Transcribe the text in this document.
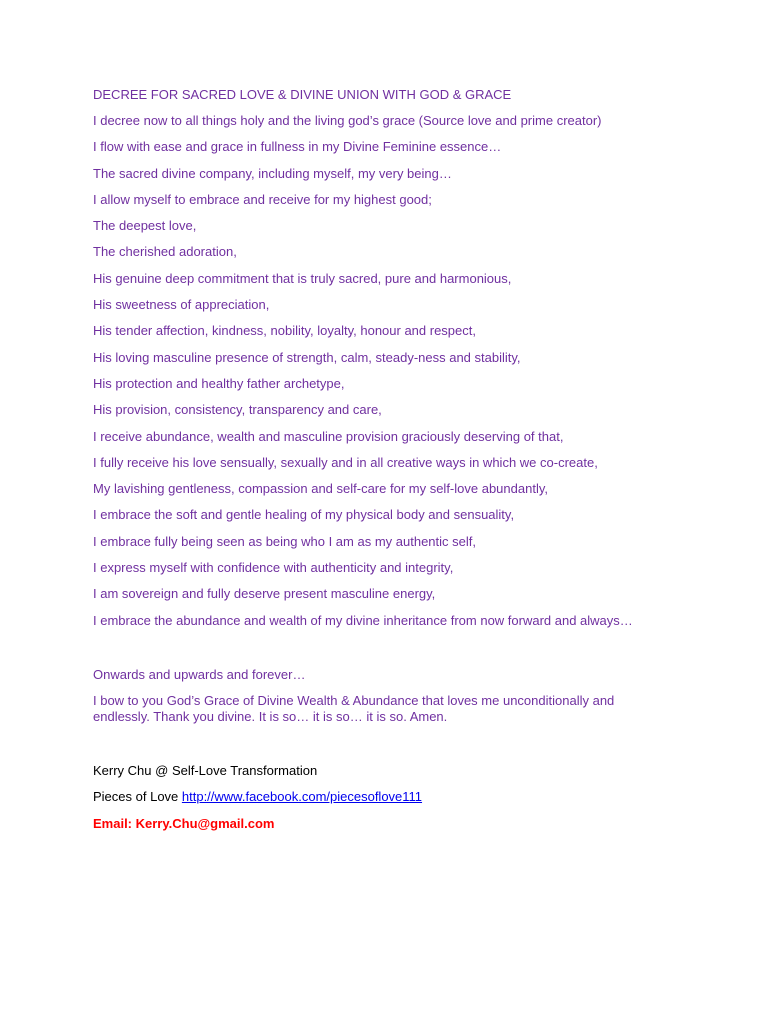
DECREE FOR SACRED LOVE & DIVINE UNION WITH GOD & GRACE
I decree now to all things holy and the living god’s grace (Source love and prime creator)
I flow with ease and grace in fullness in my Divine Feminine essence…
The sacred divine company, including myself, my very being…
I allow myself to embrace and receive for my highest good;
The deepest love,
The cherished adoration,
His genuine deep commitment that is truly sacred, pure and harmonious,
His sweetness of appreciation,
His tender affection, kindness, nobility, loyalty, honour and respect,
His loving masculine presence of strength, calm, steady-ness and stability,
His protection and healthy father archetype,
His provision, consistency, transparency and care,
I receive abundance, wealth and masculine provision graciously deserving of that,
I fully receive his love sensually, sexually and in all creative ways in which we co-create,
My lavishing gentleness, compassion and self-care for my self-love abundantly,
I embrace the soft and gentle healing of my physical body and sensuality,
I embrace fully being seen as being who I am as my authentic self,
I express myself with confidence with authenticity and integrity,
I am sovereign and fully deserve present masculine energy,
I embrace the abundance and wealth of my divine inheritance from now forward and always…
Onwards and upwards and forever…
I bow to you God’s Grace of Divine Wealth & Abundance that loves me unconditionally and endlessly. Thank you divine. It is so… it is so… it is so. Amen.
Kerry Chu @ Self-Love Transformation
Pieces of Love http://www.facebook.com/piecesoflove111
Email: Kerry.Chu@gmail.com
